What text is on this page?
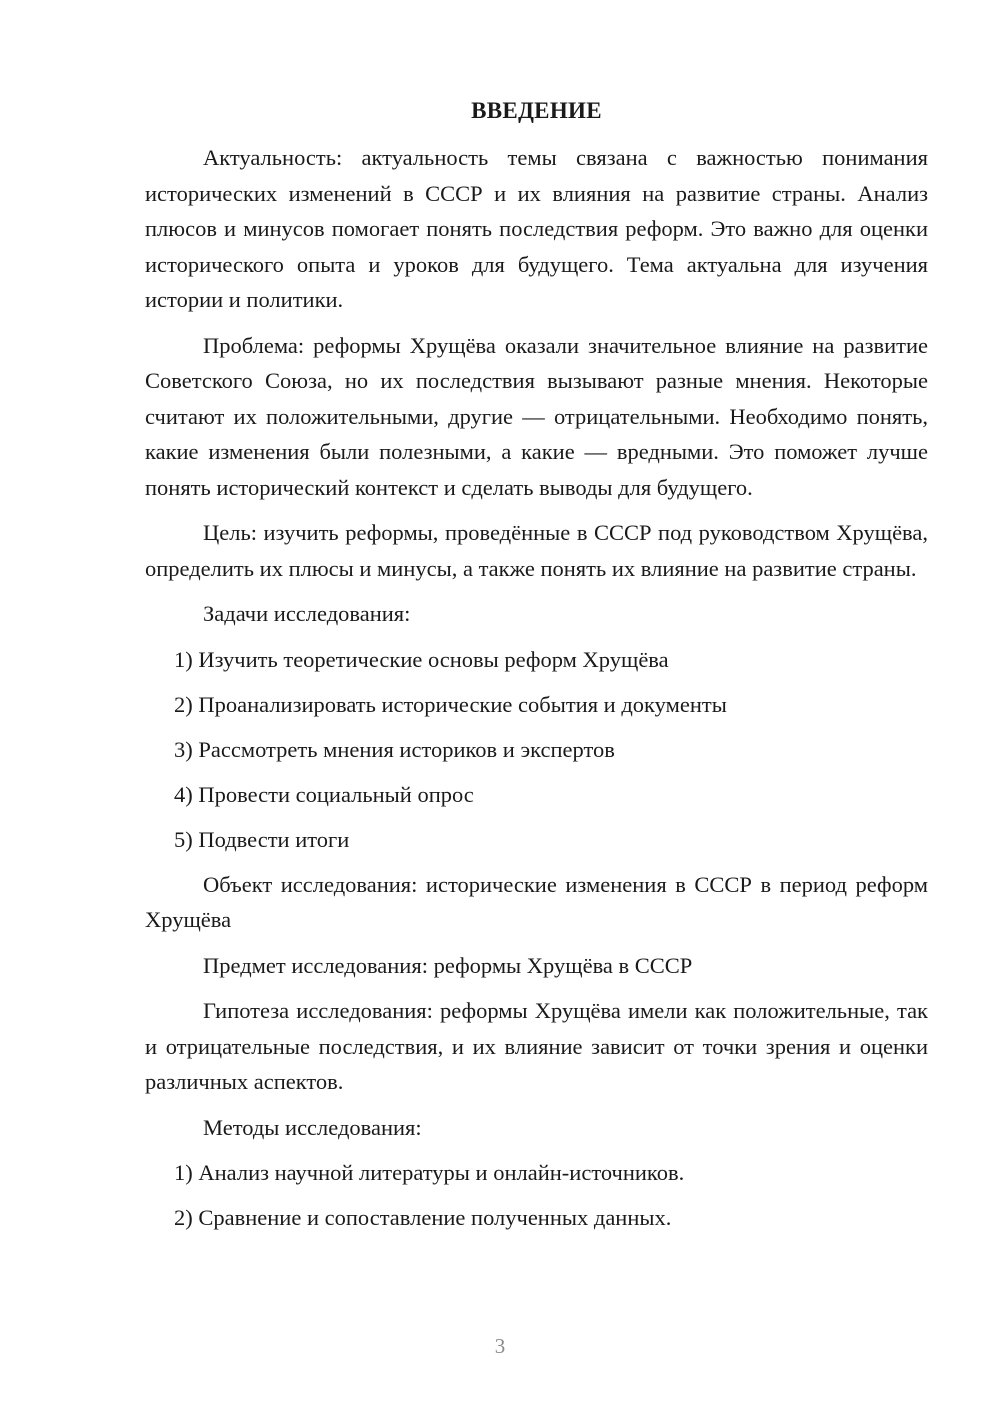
ВВЕДЕНИЕ

Актуальность: актуальность темы связана с важностью понимания исторических изменений в СССР и их влияния на развитие страны. Анализ плюсов и минусов помогает понять последствия реформ. Это важно для оценки исторического опыта и уроков для будущего. Тема актуальна для изучения истории и политики.

Проблема: реформы Хрущёва оказали значительное влияние на развитие Советского Союза, но их последствия вызывают разные мнения. Некоторые считают их положительными, другие — отрицательными. Необходимо понять, какие изменения были полезными, а какие — вредными. Это поможет лучше понять исторический контекст и сделать выводы для будущего.

Цель: изучить реформы, проведённые в СССР под руководством Хрущёва, определить их плюсы и минусы, а также понять их влияние на развитие страны.

Задачи исследования:

1) Изучить теоретические основы реформ Хрущёва
2) Проанализировать исторические события и документы
3) Рассмотреть мнения историков и экспертов
4) Провести социальный опрос
5) Подвести итоги

Объект исследования: исторические изменения в СССР в период реформ Хрущёва

Предмет исследования: реформы Хрущёва в СССР

Гипотеза исследования: реформы Хрущёва имели как положительные, так и отрицательные последствия, и их влияние зависит от точки зрения и оценки различных аспектов.

Методы исследования:

1) Анализ научной литературы и онлайн-источников.
2) Сравнение и сопоставление полученных данных.
3
